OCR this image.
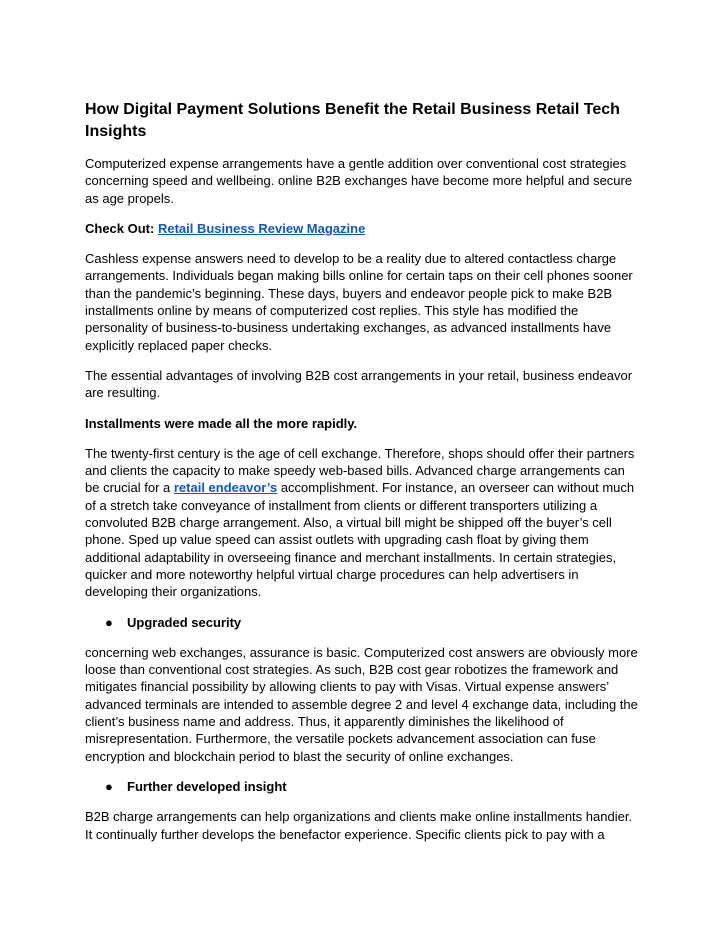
How Digital Payment Solutions Benefit the Retail Business Retail Tech Insights

Computerized expense arrangements have a gentle addition over conventional cost strategies concerning speed and wellbeing. online B2B exchanges have become more helpful and secure as age propels.

Check Out: Retail Business Review Magazine

Cashless expense answers need to develop to be a reality due to altered contactless charge arrangements. Individuals began making bills online for certain taps on their cell phones sooner than the pandemic’s beginning. These days, buyers and endeavor people pick to make B2B installments online by means of computerized cost replies. This style has modified the personality of business-to-business undertaking exchanges, as advanced installments have explicitly replaced paper checks.

The essential advantages of involving B2B cost arrangements in your retail, business endeavor are resulting.

Installments were made all the more rapidly.

The twenty-first century is the age of cell exchange. Therefore, shops should offer their partners and clients the capacity to make speedy web-based bills. Advanced charge arrangements can be crucial for a retail endeavor’s accomplishment. For instance, an overseer can without much of a stretch take conveyance of installment from clients or different transporters utilizing a convoluted B2B charge arrangement. Also, a virtual bill might be shipped off the buyer’s cell phone. Sped up value speed can assist outlets with upgrading cash float by giving them additional adaptability in overseeing finance and merchant installments. In certain strategies, quicker and more noteworthy helpful virtual charge procedures can help advertisers in developing their organizations.

● Upgraded security

concerning web exchanges, assurance is basic. Computerized cost answers are obviously more loose than conventional cost strategies. As such, B2B cost gear robotizes the framework and mitigates financial possibility by allowing clients to pay with Visas. Virtual expense answers’ advanced terminals are intended to assemble degree 2 and level 4 exchange data, including the client’s business name and address. Thus, it apparently diminishes the likelihood of misrepresentation. Furthermore, the versatile pockets advancement association can fuse encryption and blockchain period to blast the security of online exchanges.

● Further developed insight

B2B charge arrangements can help organizations and clients make online installments handier. It continually further develops the benefactor experience. Specific clients pick to pay with a
